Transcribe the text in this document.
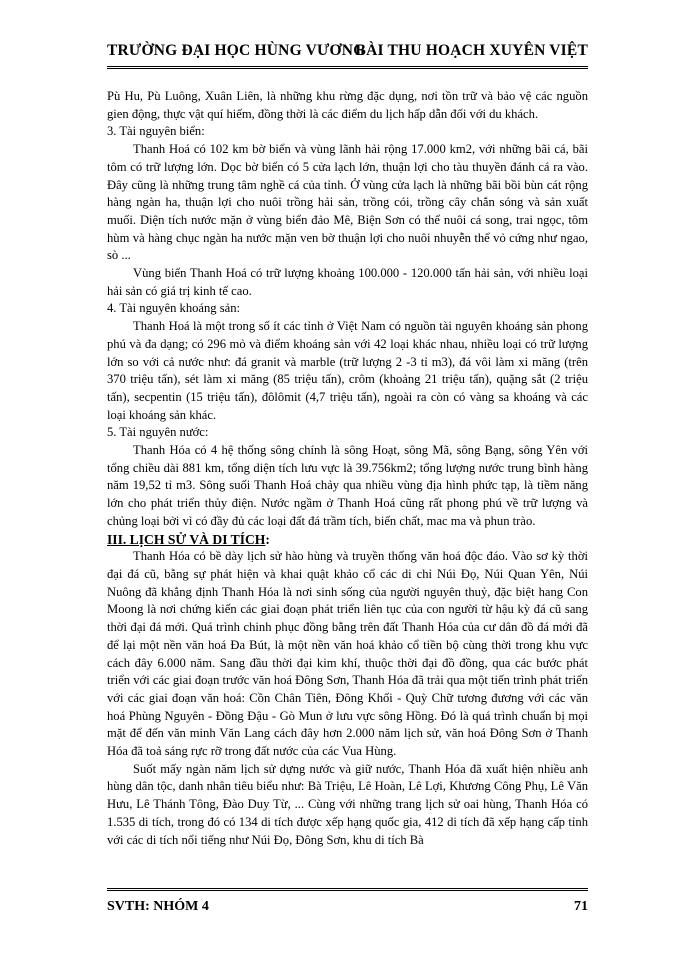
TRƯỜNG ĐẠI HỌC HÙNG VƯƠNG
BÀI THU HOẠCH XUYÊN VIỆT

Pù Hu, Pù Luông, Xuân Liên, là những khu rừng đặc dụng, nơi tồn trữ và bảo vệ các nguồn gien động, thực vật quí hiếm, đồng thời là các điểm du lịch hấp dẫn đối với du khách.

3. Tài nguyên biển:

Thanh Hoá có 102 km bờ biển và vùng lãnh hải rộng 17.000 km2, với những bãi cá, bãi tôm có trữ lượng lớn. Dọc bờ biển có 5 cửa lạch lớn, thuận lợi cho tàu thuyền đánh cá ra vào. Đây cũng là những trung tâm nghề cá của tỉnh. Ở vùng cửa lạch là những bãi bồi bùn cát rộng hàng ngàn ha, thuận lợi cho nuôi trồng hải sản, trồng cói, trồng cây chắn sóng và sản xuất muối. Diện tích nước mặn ở vùng biển đảo Mê, Biện Sơn có thể nuôi cá song, trai ngọc, tôm hùm và hàng chục ngàn ha nước mặn ven bờ thuận lợi cho nuôi nhuyễn thể vỏ cứng như ngao, sò ...

Vùng biển Thanh Hoá có trữ lượng khoảng 100.000 - 120.000 tấn hải sản, với nhiều loại hải sản có giá trị kinh tế cao.

4. Tài nguyên khoáng sản:

Thanh Hoá là một trong số ít các tỉnh ở Việt Nam có nguồn tài nguyên khoáng sản phong phú và đa dạng; có 296 mỏ và điểm khoáng sản với 42 loại khác nhau, nhiều loại có trữ lượng lớn so với cả nước như: đá granit và marble (trữ lượng 2 -3 tỉ m3), đá vôi làm xi măng (trên 370 triệu tấn), sét làm xi măng (85 triệu tấn), crôm (khoảng 21 triệu tấn), quặng sắt (2 triệu tấn), secpentin (15 triệu tấn), đôlômit (4,7 triệu tấn), ngoài ra còn có vàng sa khoáng và các loại khoáng sản khác.

5. Tài nguyên nước:

Thanh Hóa có 4 hệ thống sông chính là sông Hoạt, sông Mã, sông Bạng, sông Yên với tổng chiều dài 881 km, tổng diện tích lưu vực là 39.756km2; tổng lượng nước trung bình hàng năm 19,52 tỉ m3. Sông suối Thanh Hoá chảy qua nhiều vùng địa hình phức tạp, là tiềm năng lớn cho phát triển thủy điện. Nước ngầm ở Thanh Hoá cũng rất phong phú về trữ lượng và chủng loại bởi vì có đầy đủ các loại đất đá trầm tích, biến chất, mac ma và phun trào.

III. LỊCH SỬ VÀ DI TÍCH:

Thanh Hóa có bề dày lịch sử hào hùng và truyền thống văn hoá độc đáo. Vào sơ kỳ thời đại đá cũ, bằng sự phát hiện và khai quật khảo cổ các di chỉ Núi Đọ, Núi Quan Yên, Núi Nuông đã khẳng định Thanh Hóa là nơi sinh sống của người nguyên thuỷ, đặc biệt hang Con Moong là nơi chứng kiến các giai đoạn phát triển liên tục của con người từ hậu kỳ đá cũ sang thời đại đá mới. Quá trình chinh phục đồng bằng trên đất Thanh Hóa của cư dân đồ đá mới đã để lại một nền văn hoá Đa Bút, là một nền văn hoá khảo cổ tiền bộ cùng thời trong khu vực cách đây 6.000 năm. Sang đầu thời đại kim khí, thuộc thời đại đồ đồng, qua các bước phát triển với các giai đoạn trước văn hoá Đông Sơn, Thanh Hóa đã trải qua một tiến trình phát triển với các giai đoạn văn hoá: Cồn Chân Tiên, Đông Khối - Quỳ Chữ tương đương với các văn hoá Phùng Nguyên - Đồng Đậu - Gò Mun ở lưu vực sông Hồng. Đó là quá trình chuẩn bị mọi mặt để đến văn minh Văn Lang cách đây hơn 2.000 năm lịch sử, văn hoá Đông Sơn ở Thanh Hóa đã toả sáng rực rỡ trong đất nước của các Vua Hùng.

Suốt mấy ngàn năm lịch sử dựng nước và giữ nước, Thanh Hóa đã xuất hiện nhiều anh hùng dân tộc, danh nhân tiêu biểu như: Bà Triệu, Lê Hoàn, Lê Lợi, Khương Công Phụ, Lê Văn Hưu, Lê Thánh Tông, Đào Duy Từ, ... Cùng với những trang lịch sử oai hùng, Thanh Hóa có 1.535 di tích, trong đó có 134 di tích được xếp hạng quốc gia, 412 di tích đã xếp hạng cấp tỉnh với các di tích nổi tiếng như Núi Đọ, Đông Sơn, khu di tích Bà

SVTH: NHÓM 4	71
